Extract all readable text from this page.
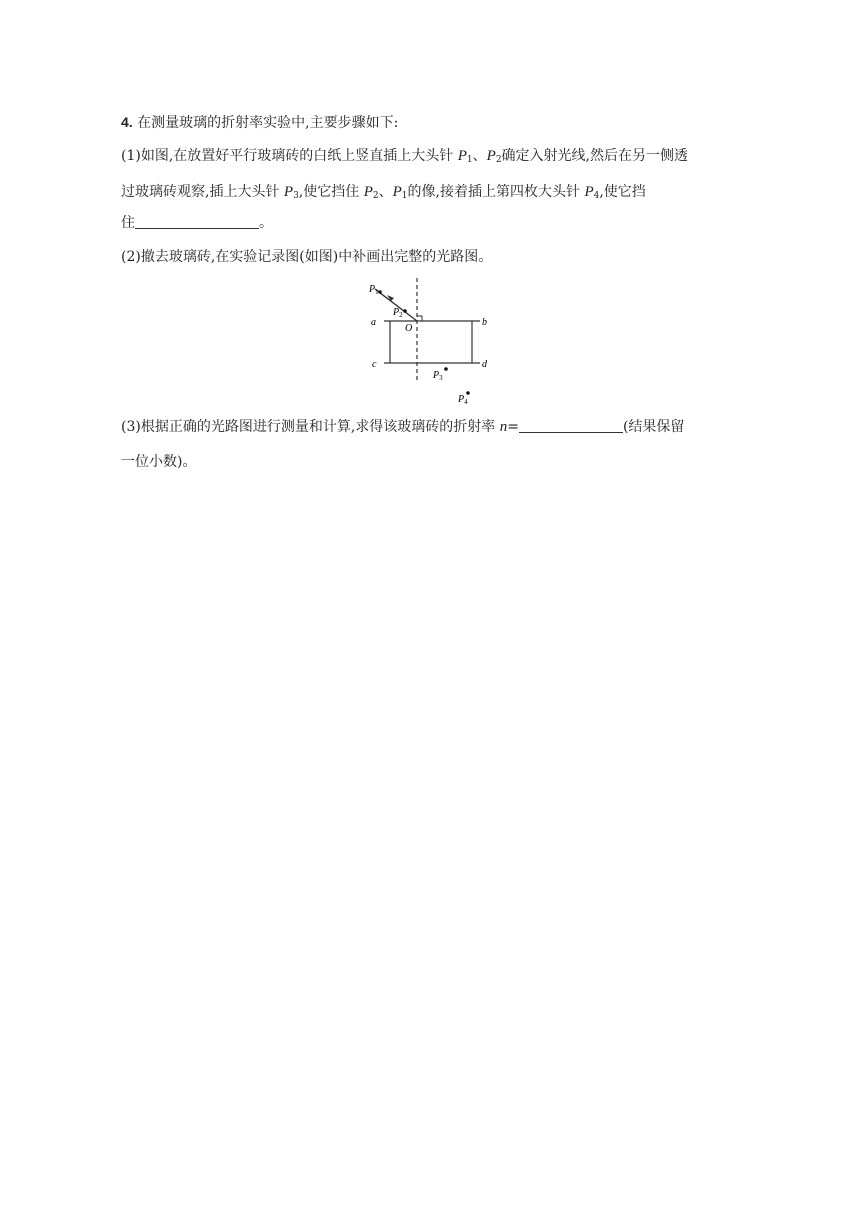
4. 在测量玻璃的折射率实验中,主要步骤如下:
(1)如图,在放置好平行玻璃砖的白纸上竖直插上大头针 $P_1$、$P_2$确定入射光线,然后在另一侧透
过玻璃砖观察,插上大头针 $P_3$,使它挡住 $P_2$、$P_1$的像,接着插上第四枚大头针 $P_4$,使它挡
住	。
(2)撤去玻璃砖,在实验记录图(如图)中补画出完整的光路图。
$P_1$
$P_2$
O
a	b
c	d
$P_3$
$P_4$
(3)根据正确的光路图进行测量和计算,求得该玻璃砖的折射率 n=	(结果保留
一位小数)。
